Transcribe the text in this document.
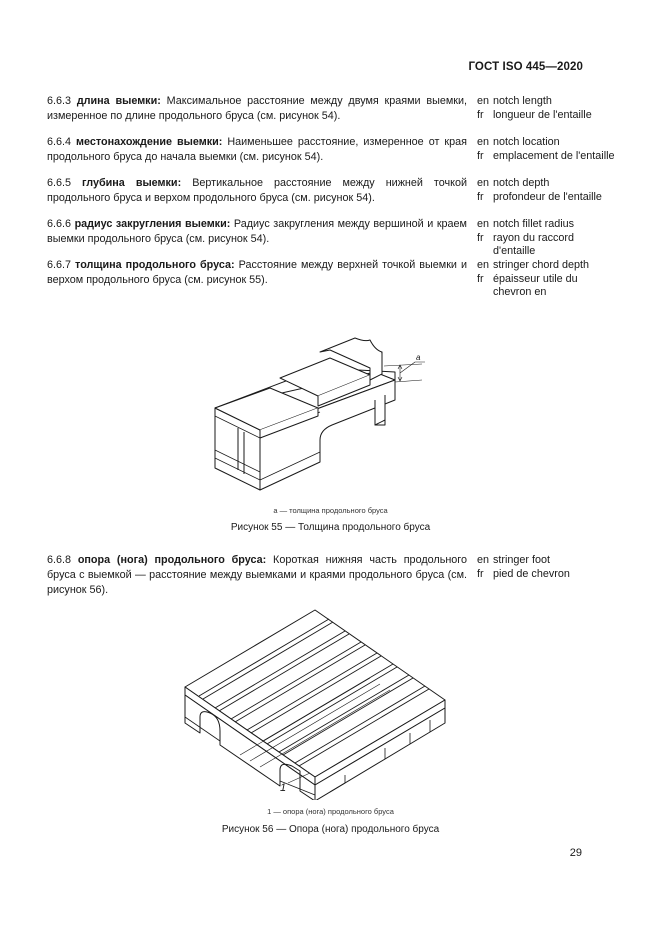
ГОСТ ISO 445—2020
6.6.3 длина выемки: Максимальное расстояние между двумя краями выемки, измеренное по длине продольного бруса (см. рисунок 54).
en notch length
fr longueur de l'entaille
6.6.4 местонахождение выемки: Наименьшее расстояние, измеренное от края продольного бруса до начала выемки (см. рисунок 54).
en notch location
fr emplacement de l'entaille
6.6.5 глубина выемки: Вертикальное расстояние между нижней точкой продольного бруса и верхом продольного бруса (см. рисунок 54).
en notch depth
fr profondeur de l'entaille
6.6.6 радиус закругления выемки: Радиус закругления между вершиной и краем выемки продольного бруса (см. рисунок 54).
en notch fillet radius
fr rayon du raccord d'entaille
6.6.7 толщина продольного бруса: Расстояние между верхней точкой выемки и верхом продольного бруса (см. рисунок 55).
en stringer chord depth
fr épaisseur utile du chevron en
a
a — толщина продольного бруса
Рисунок 55 — Толщина продольного бруса
6.6.8 опора (нога) продольного бруса: Короткая нижняя часть продольного бруса с выемкой — расстояние между выемками и краями продольного бруса (см. рисунок 56).
en stringer foot
fr pied de chevron
1
1 — опора (нога) продольного бруса
Рисунок 56 — Опора (нога) продольного бруса
29
